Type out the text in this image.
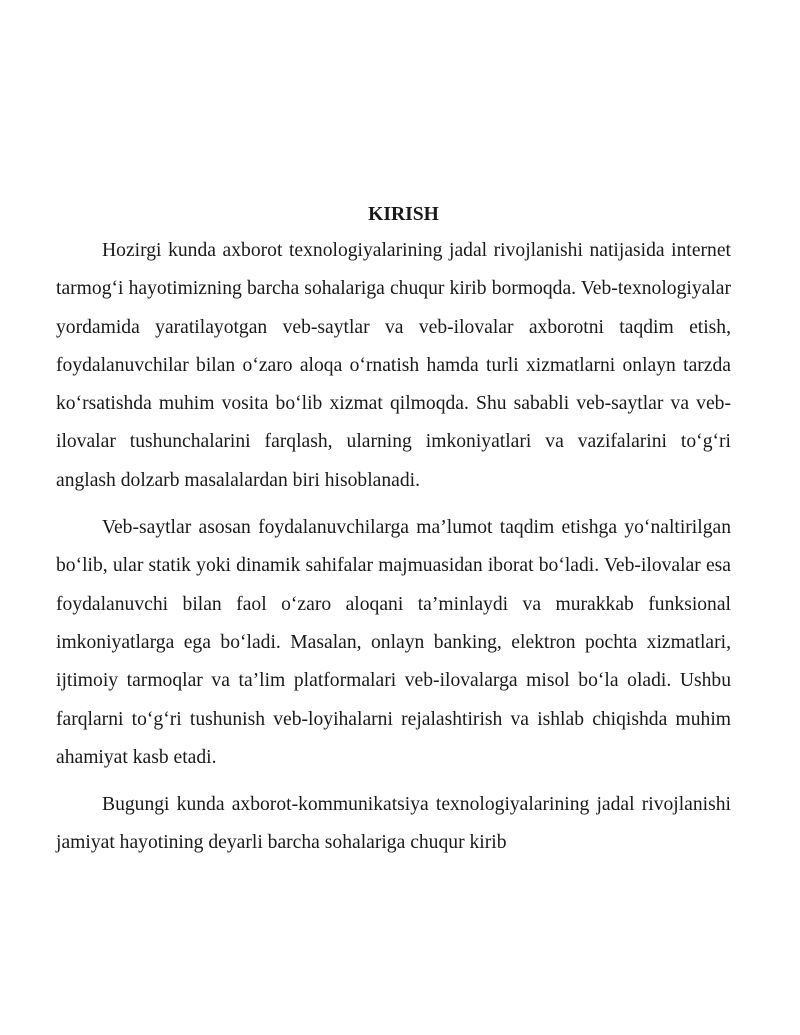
KIRISH

Hozirgi kunda axborot texnologiyalarining jadal rivojlanishi natijasida internet tarmog‘i hayotimizning barcha sohalariga chuqur kirib bormoqda. Veb-texnologiyalar yordamida yaratilayotgan veb-saytlar va veb-ilovalar axborotni taqdim etish, foydalanuvchilar bilan o‘zaro aloqa o‘rnatish hamda turli xizmatlarni onlayn tarzda ko‘rsatishda muhim vosita bo‘lib xizmat qilmoqda. Shu sababli veb-saytlar va veb-ilovalar tushunchalarini farqlash, ularning imkoniyatlari va vazifalarini to‘g‘ri anglash dolzarb masalalardan biri hisoblanadi.

Veb-saytlar asosan foydalanuvchilarga ma’lumot taqdim etishga yo‘naltirilgan bo‘lib, ular statik yoki dinamik sahifalar majmuasidan iborat bo‘ladi. Veb-ilovalar esa foydalanuvchi bilan faol o‘zaro aloqani ta’minlaydi va murakkab funksional imkoniyatlarga ega bo‘ladi. Masalan, onlayn banking, elektron pochta xizmatlari, ijtimoiy tarmoqlar va ta’lim platformalari veb-ilovalarga misol bo‘la oladi. Ushbu farqlarni to‘g‘ri tushunish veb-loyihalarni rejalashtirish va ishlab chiqishda muhim ahamiyat kasb etadi.

Bugungi kunda axborot-kommunikatsiya texnologiyalarining jadal rivojlanishi jamiyat hayotining deyarli barcha sohalariga chuqur kirib
